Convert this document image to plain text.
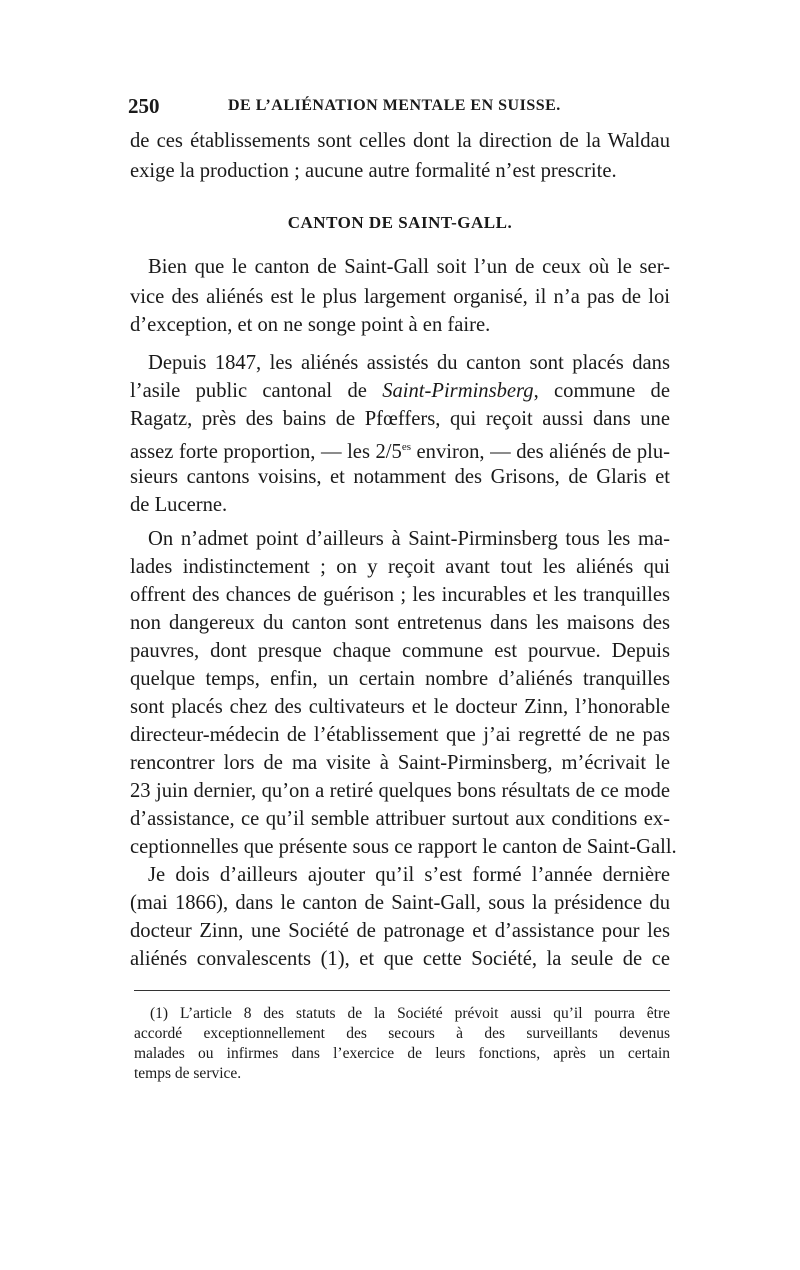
250	DE L’ALIÉNATION MENTALE EN SUISSE.
de ces établissements sont celles dont la direction de la Waldau
exige la production ; aucune autre formalité n’est prescrite.
CANTON DE SAINT-GALL.
Bien que le canton de Saint-Gall soit l’un de ceux où le ser-
vice des aliénés est le plus largement organisé, il n’a pas de loi
d’exception, et on ne songe point à en faire.
Depuis 1847, les aliénés assistés du canton sont placés dans
l’asile public cantonal de Saint-Pirminsberg, commune de
Ragatz, près des bains de Pfœffers, qui reçoit aussi dans une
assez forte proportion, — les $2/5^{es}$ environ, — des aliénés de plu-
sieurs cantons voisins, et notamment des Grisons, de Glaris et
de Lucerne.
On n’admet point d’ailleurs à Saint-Pirminsberg tous les ma-
lades indistinctement ; on y reçoit avant tout les aliénés qui
offrent des chances de guérison ; les incurables et les tranquilles
non dangereux du canton sont entretenus dans les maisons des
pauvres, dont presque chaque commune est pourvue. Depuis
quelque temps, enfin, un certain nombre d’aliénés tranquilles
sont placés chez des cultivateurs et le docteur Zinn, l’honorable
directeur-médecin de l’établissement que j’ai regretté de ne pas
rencontrer lors de ma visite à Saint-Pirminsberg, m’écrivait le
23 juin dernier, qu’on a retiré quelques bons résultats de ce mode
d’assistance, ce qu’il semble attribuer surtout aux conditions ex-
ceptionnelles que présente sous ce rapport le canton de Saint-Gall.
Je dois d’ailleurs ajouter qu’il s’est formé l’année dernière
(mai 1866), dans le canton de Saint-Gall, sous la présidence du
docteur Zinn, une Société de patronage et d’assistance pour les
aliénés convalescents (1), et que cette Société, la seule de ce
(1) L’article 8 des statuts de la Société prévoit aussi qu’il pourra être
accordé exceptionnellement des secours à des surveillants devenus
malades ou infirmes dans l’exercice de leurs fonctions, après un certain
temps de service.
